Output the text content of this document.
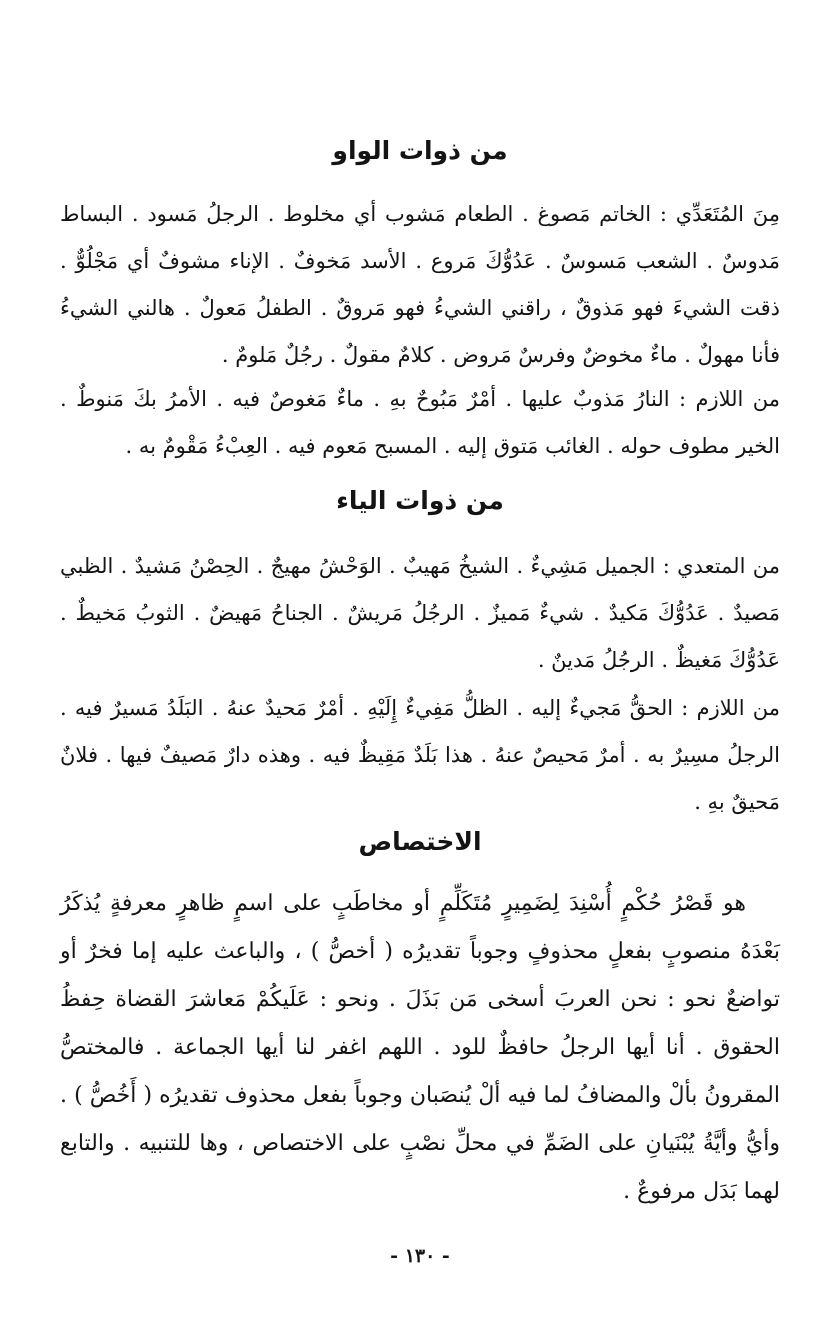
من ذوات الواو

مِنَ المُتَعَدِّي : الخاتم مَصوغ . الطعام مَشوب أي مخلوط . الرجلُ مَسود . البساط مَدوسٌ . الشعب مَسوسٌ . عَدُوُّكَ مَروع . الأسد مَخوفٌ . الإناء مشوفٌ أي مَجْلُوٌّ . ذقت الشيءَ فهو مَذوقٌ ، راقني الشيءُ فهو مَروقٌ . الطفلُ مَعولٌ . هالني الشيءُ فأنا مهولٌ . ماءٌ مخوضٌ وفرسٌ مَروض . كلامٌ مقولٌ . رجُلٌ مَلومٌ .

من اللازم : النارُ مَذوبٌ عليها . أمْرٌ مَبُوحٌ بهِ . ماءٌ مَغوصٌ فيه . الأمرُ بكَ مَنوطٌ . الخير مطوف حوله . الغائب مَتوق إليه . المسبح مَعوم فيه . العِبْءُ مَقْومٌ به .

من ذوات الياء

من المتعدي : الجميل مَشِيءٌ . الشيخُ مَهيبٌ . الوَحْشُ مهيجٌ . الحِصْنُ مَشيدٌ . الظبي مَصيدٌ . عَدُوُّكَ مَكيدٌ . شيءٌ مَميزٌ . الرجُلُ مَريشٌ . الجناحُ مَهيضٌ . الثوبُ مَخيطٌ . عَدُوُّكَ مَغيظٌ . الرجُلُ مَدينٌ .

من اللازم : الحقُّ مَجيءٌ إليه . الظلُّ مَفِيءٌ إِلَيْهِ . أمْرٌ مَحيدٌ عنهُ . البَلَدُ مَسيرٌ فيه . الرجلُ مسِيرٌ به . أمرٌ مَحيصٌ عنهُ . هذا بَلَدٌ مَقِيظٌ فيه . وهذه دارٌ مَصيفٌ فيها . فلانٌ مَحيقٌ بهِ .

الاختصاص

هو قَصْرُ حُكْمٍ أُسْنِدَ لِضَمِيرٍ مُتَكَلِّمٍ أو مخاطَبٍ على اسمٍ ظاهرٍ معرفةٍ يُذكَرُ بَعْدَهُ منصوبٍ بفعلٍ محذوفٍ وجوباً تقديرُه ( أخصُّ ) ، والباعث عليه إما فخرٌ أو تواضعٌ نحو : نحن العربَ أسخى مَن بَذَلَ . ونحو : عَلَيكُمْ مَعاشرَ القضاة حِفظُ الحقوق . أنا أيها الرجلُ حافظٌ للود . اللهم اغفر لنا أيها الجماعة . فالمختصُّ المقرونُ بألْ والمضافُ لما فيه ألْ يُنصَبان وجوباً بفعل محذوف تقديرُه ( أَخُصُّ ) . وأيُّ وأيَّةُ يُبْنَيانِ على الضَمِّ في محلِّ نصْبٍ على الاختصاص ، وها للتنبيه . والتابع لهما بَدَل مرفوعٌ .

- ١٣٠ -
